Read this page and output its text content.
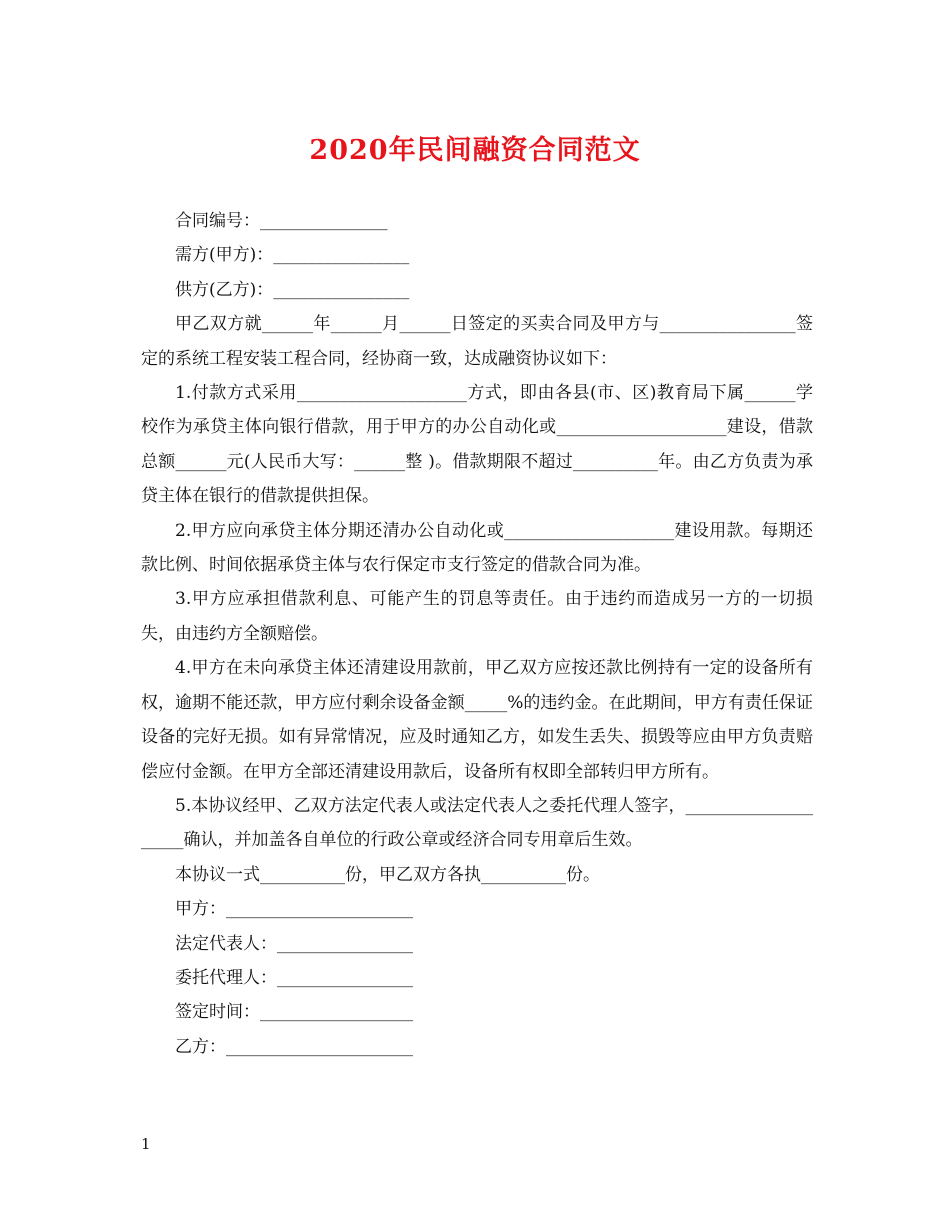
2020年民间融资合同范文

合同编号：_______________

需方(甲方)：________________

供方(乙方)：________________

甲乙双方就______年______月______日签定的买卖合同及甲方与________________签定的系统工程安装工程合同，经协商一致，达成融资协议如下：

1.付款方式采用____________________方式，即由各县(市、区)教育局下属______学校作为承贷主体向银行借款，用于甲方的办公自动化或____________________建设，借款总额______元(人民币大写：______整 )。借款期限不超过__________年。由乙方负责为承贷主体在银行的借款提供担保。

2.甲方应向承贷主体分期还清办公自动化或____________________建设用款。每期还款比例、时间依据承贷主体与农行保定市支行签定的借款合同为准。

3.甲方应承担借款利息、可能产生的罚息等责任。由于违约而造成另一方的一切损失，由违约方全额赔偿。

4.甲方在未向承贷主体还清建设用款前，甲乙双方应按还款比例持有一定的设备所有权，逾期不能还款，甲方应付剩余设备金额_____%的违约金。在此期间，甲方有责任保证设备的完好无损。如有异常情况，应及时通知乙方，如发生丢失、损毁等应由甲方负责赔偿应付金额。在甲方全部还清建设用款后，设备所有权即全部转归甲方所有。

5.本协议经甲、乙双方法定代表人或法定代表人之委托代理人签字，____________________确认，并加盖各自单位的行政公章或经济合同专用章后生效。

本协议一式__________份，甲乙双方各执__________份。

甲方：______________________

法定代表人：________________

委托代理人：________________

签定时间：__________________

乙方：______________________

1
